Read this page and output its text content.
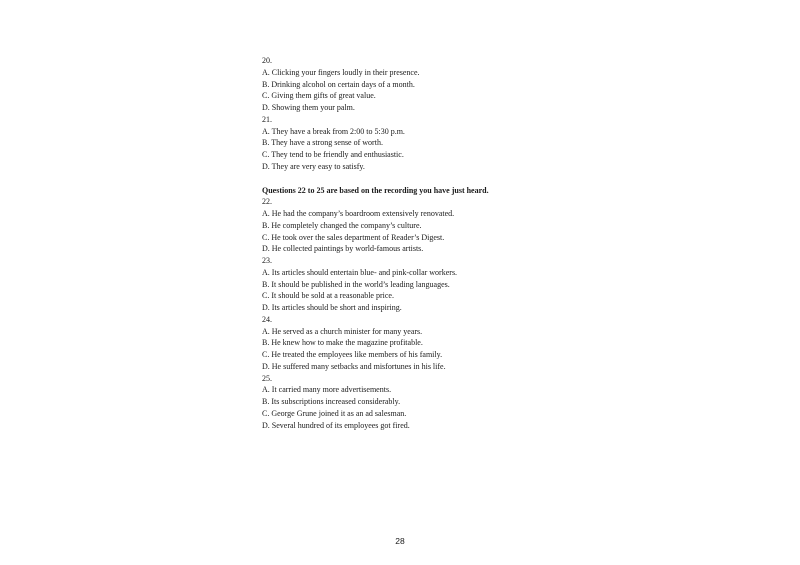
20.
A. Clicking your fingers loudly in their presence.
B. Drinking alcohol on certain days of a month.
C. Giving them gifts of great value.
D. Showing them your palm.
21.
A. They have a break from 2:00 to 5:30 p.m.
B. They have a strong sense of worth.
C. They tend to be friendly and enthusiastic.
D. They are very easy to satisfy.
Questions 22 to 25 are based on the recording you have just heard.
22.
A. He had the company’s boardroom extensively renovated.
B. He completely changed the company’s culture.
C. He took over the sales department of Reader’s Digest.
D. He collected paintings by world-famous artists.
23.
A. Its articles should entertain blue- and pink-collar workers.
B. It should be published in the world’s leading languages.
C. It should be sold at a reasonable price.
D. Its articles should be short and inspiring.
24.
A. He served as a church minister for many years.
B. He knew how to make the magazine profitable.
C. He treated the employees like members of his family.
D. He suffered many setbacks and misfortunes in his life.
25.
A. It carried many more advertisements.
B. Its subscriptions increased considerably.
C. George Grune joined it as an ad salesman.
D. Several hundred of its employees got fired.
28
